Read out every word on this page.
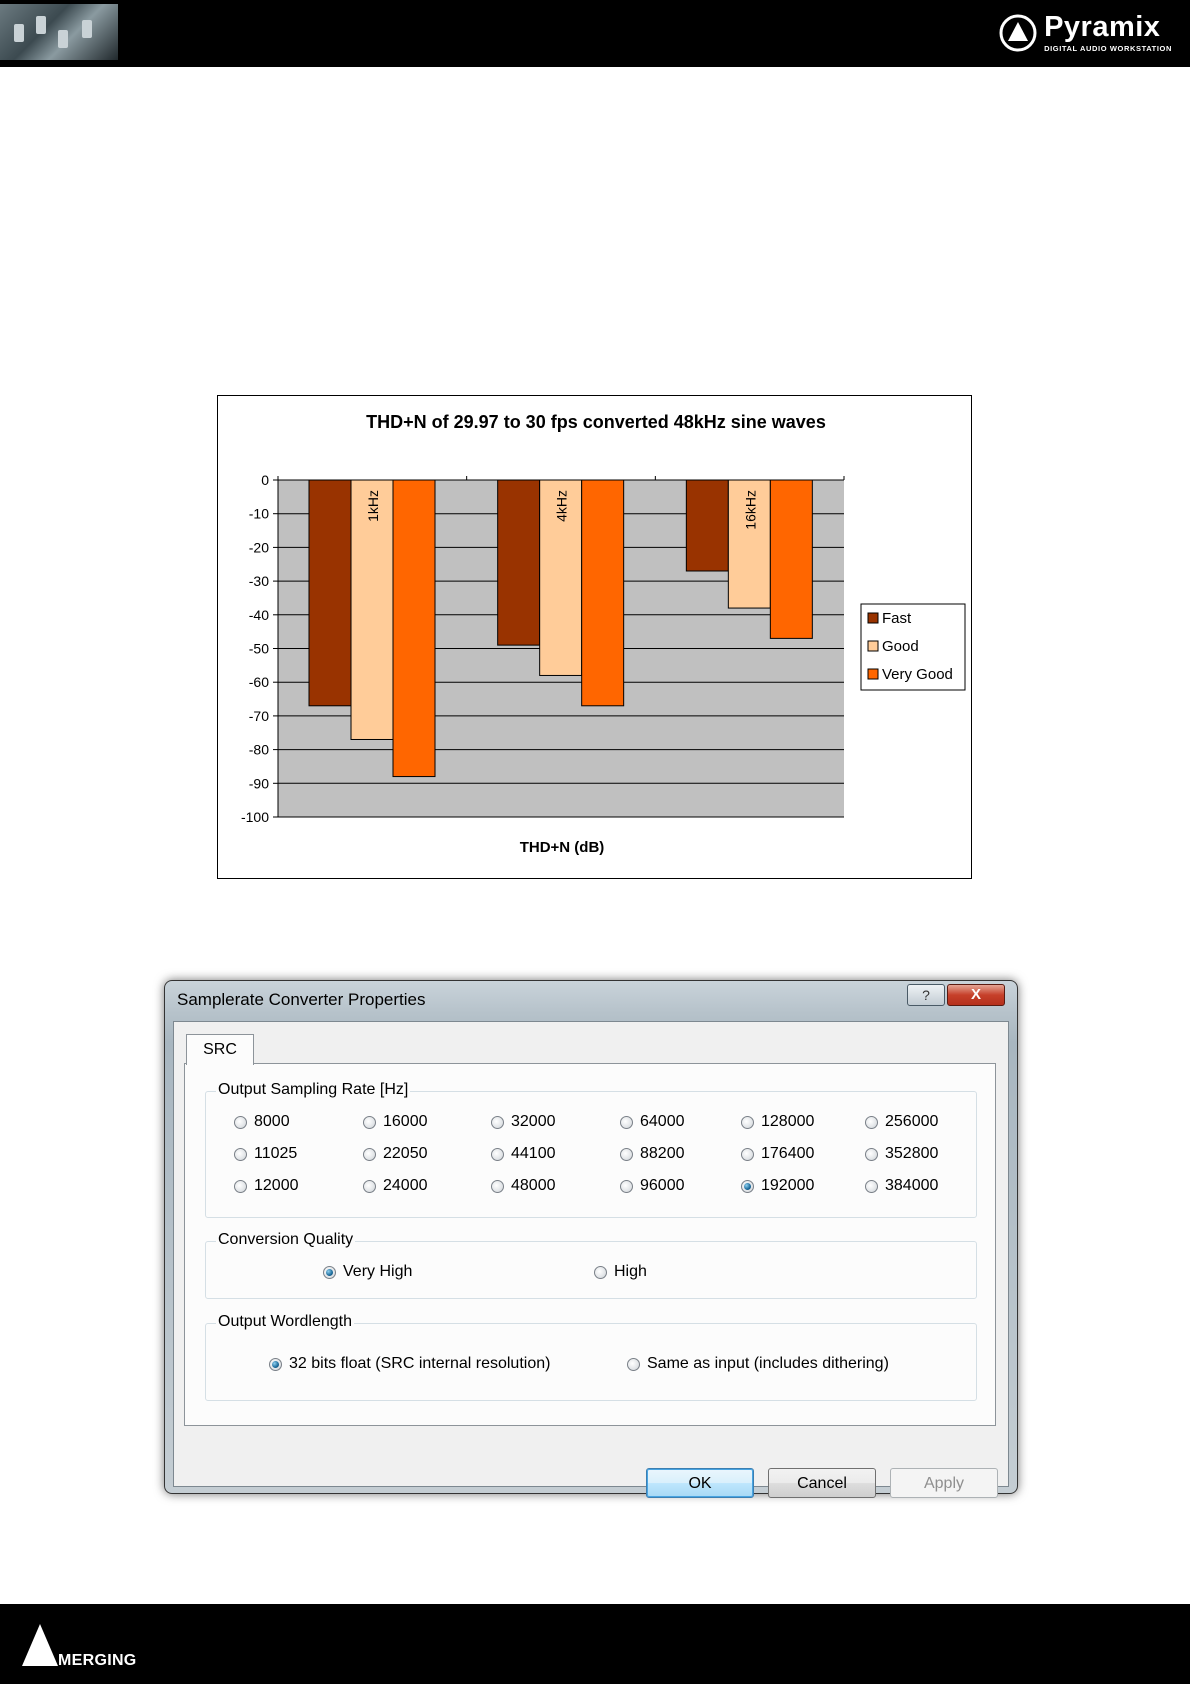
Pyramix
DIGITAL AUDIO WORKSTATION
THD+N of 29.97 to 30 fps converted 48kHz sine waves
0
-10
-20
-30
-40
-50
-60
-70
-80
-90
-100
1kHz	4kHz	16kHz
THD+N (dB)
Fast
Good
Very Good
Samplerate Converter Properties	?	X
SRC
Output Sampling Rate [Hz]
8000	16000	32000	64000	128000	256000
11025	22050	44100	88200	176400	352800
12000	24000	48000	96000	192000	384000
Conversion Quality
Very High	High
Output Wordlength
32 bits float (SRC internal resolution)	Same as input (includes dithering)
OK	Cancel	Apply
MERGING
